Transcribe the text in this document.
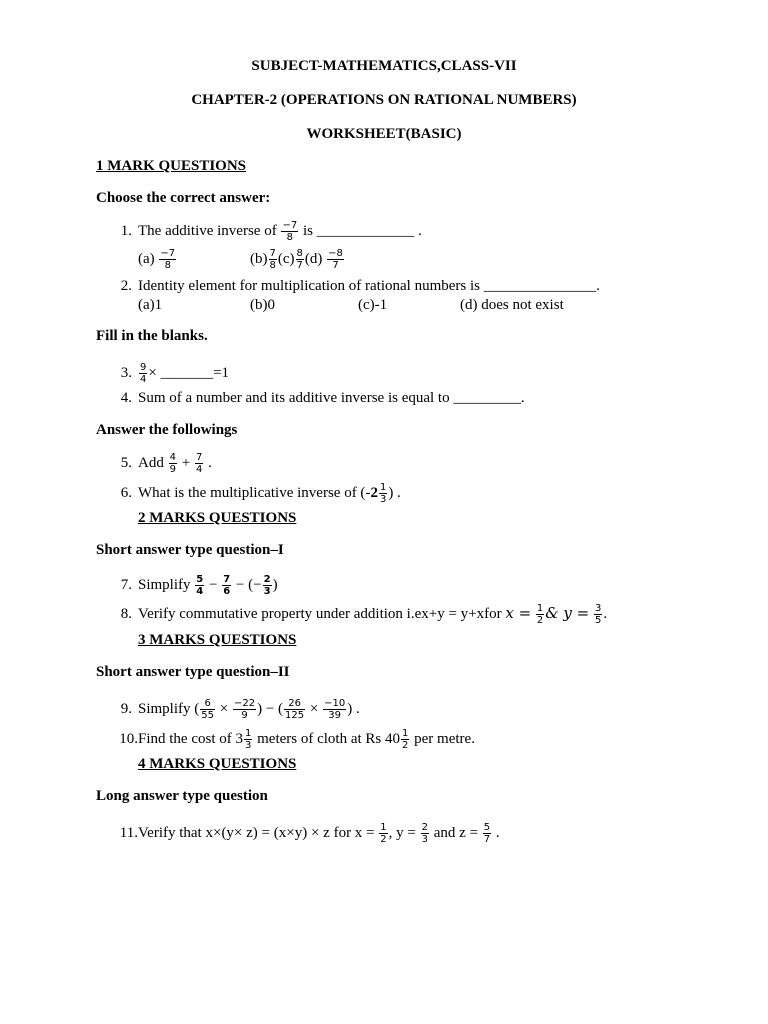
SUBJECT-MATHEMATICS,CLASS-VII
CHAPTER-2 (OPERATIONS ON RATIONAL NUMBERS)
WORKSHEET(BASIC)
1 MARK QUESTIONS
Choose the correct answer:
1. The additive inverse of $\frac{-7}{8}$ is _____________ .
$(a) \frac{-7}{8}$	$(b) \frac{7}{8} (c) \frac{8}{7} (d) \frac{-8}{7}$
2. Identity element for multiplication of rational numbers is _______________.
(a)1	(b)0	(c)-1	(d) does not exist
Fill in the blanks.
3. $\frac{9}{4}$ × _______=1
4. Sum of a number and its additive inverse is equal to _________.
Answer the followings
5. Add $\frac{4}{9} + \frac{7}{4}$ .
6. What is the multiplicative inverse of ($-2 \frac{1}{3}$ ) .
2 MARKS QUESTIONS
Short answer type question–I
7. Simplify $\frac{5}{4} - \frac{7}{6}$ − (− $\frac{2}{3}$ )
8. Verify commutative property under addition i.ex+y = y+xfor $x = \frac{1}{2}$ & $y = \frac{3}{5}$ .
3 MARKS QUESTIONS
Short answer type question–II
9. Simplify ( $\frac{6}{55} \times \frac{-22}{9}$ ) − ( $\frac{26}{125} \times \frac{-10}{39}$ ) .
10.Find the cost of $3 \frac{1}{3}$ meters of cloth at Rs $40 \frac{1}{2}$ per metre.
4 MARKS QUESTIONS
Long answer type question
11.Verify that x×(y× z) = (x×y) × z for $x = \frac{1}{2}$ , $y = \frac{2}{3}$ and $z = \frac{5}{7}$ .
